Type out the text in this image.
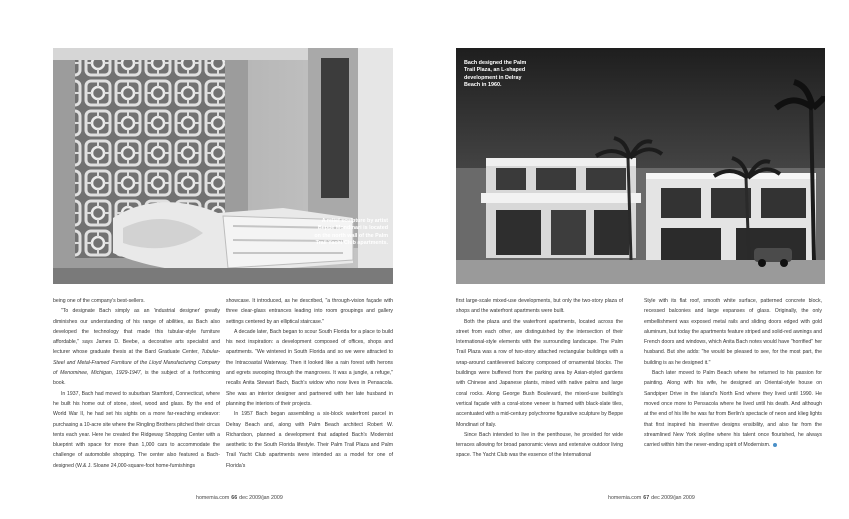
A relief sculpture by artist Beppe Mondinari is located on the north wall of the Palm Trail Yacht Club apartments.

being one of the company's best-sellers.

"To designate Bach simply as an 'industrial designer' greatly diminishes our understanding of his range of abilities, as Bach also developed the technology that made this tubular-style furniture affordable," says James D. Beebe, a decorative arts specialist and lecturer whose graduate thesis at the Bard Graduate Center, Tubular-Steel and Metal-Framed Furniture of the Lloyd Manufacturing Company of Menominee, Michigan, 1929-1947, is the subject of a forthcoming book.

In 1937, Bach had moved to suburban Stamford, Connecticut, where he built his home out of stone, steel, wood and glass. By the end of World War II, he had set his sights on a more far-reaching endeavor: purchasing a 10-acre site where the Ringling Brothers pitched their circus tents each year. Here he created the Ridgeway Shopping Center with a blueprint with space for more than 1,000 cars to accommodate the challenge of automobile shopping. The center also featured a Bach-designed (W.& J. Sloane 24,000-square-foot home-furnishings

showcase. It introduced, as he described, "a through-vision façade with three clear-glass entrances leading into room groupings and gallery settings centered by an elliptical staircase."

A decade later, Bach began to scour South Florida for a place to build his next inspiration: a development composed of offices, shops and apartments. "We wintered in South Florida and so we were attracted to the Intracoastal Waterway. Then it looked like a rain forest with herons and egrets swooping through the mangroves. It was a jungle, a refuge," recalls Anita Stewart Bach, Bach's widow who now lives in Pensacola. She was an interior designer and partnered with her late husband in planning the interiors of their projects.

In 1957 Bach began assembling a six-block waterfront parcel in Delray Beach and, along with Palm Beach architect Robert W. Richardson, planned a development that adapted Bach's Modernist aesthetic to the South Florida lifestyle. Their Palm Trail Plaza and Palm Trail Yacht Club apartments were intended as a model for one of Florida's

homemia.com 66 dec 2009/jan 2009
Bach designed the Palm Trail Plaza, an L-shaped development in Delray Beach in 1960.

first large-scale mixed-use developments, but only the two-story plaza of shops and the waterfront apartments were built.

Both the plaza and the waterfront apartments, located across the street from each other, are distinguished by the intersection of their International-style elements with the surrounding landscape. The Palm Trail Plaza was a row of two-story attached rectangular buildings with a wrap-around cantilevered balcony composed of ornamental blocks. The buildings were buffered from the parking area by Asian-styled gardens with Chinese and Japanese plants, mixed with native palms and large coral rocks. Along George Bush Boulevard, the mixed-use building's vertical façade with a coral-stone veneer is framed with black-slate tiles, accentuated with a mid-century polychrome figurative sculpture by Beppe Mondinari of Italy.

Since Bach intended to live in the penthouse, he provided for wide terraces allowing for broad panoramic views and extensive outdoor living space. The Yacht Club was the essence of the International

Style with its flat roof, smooth white surface, patterned concrete block, recessed balconies and large expanses of glass. Originally, the only embellishment was exposed metal rails and sliding doors edged with gold aluminum, but today the apartments feature striped and solid-red awnings and French doors and windows, which Anita Bach notes would have "horrified" her husband. But she adds: "he would be pleased to see, for the most part, the building is as he designed it."

Bach later moved to Palm Beach where he returned to his passion for painting. Along with his wife, he designed an Oriental-style house on Sandpiper Drive in the island's North End where they lived until 1990. He moved once more to Pensacola where he lived until his death. And although at the end of his life he was far from Berlin's spectacle of neon and klieg lights that first inspired his inventive designs ensibility, and also far from the streamlined New York skyline where his talent once flourished, he always carried within him the never-ending spirit of Modernism.

homemia.com 67 dec 2009/jan 2009
